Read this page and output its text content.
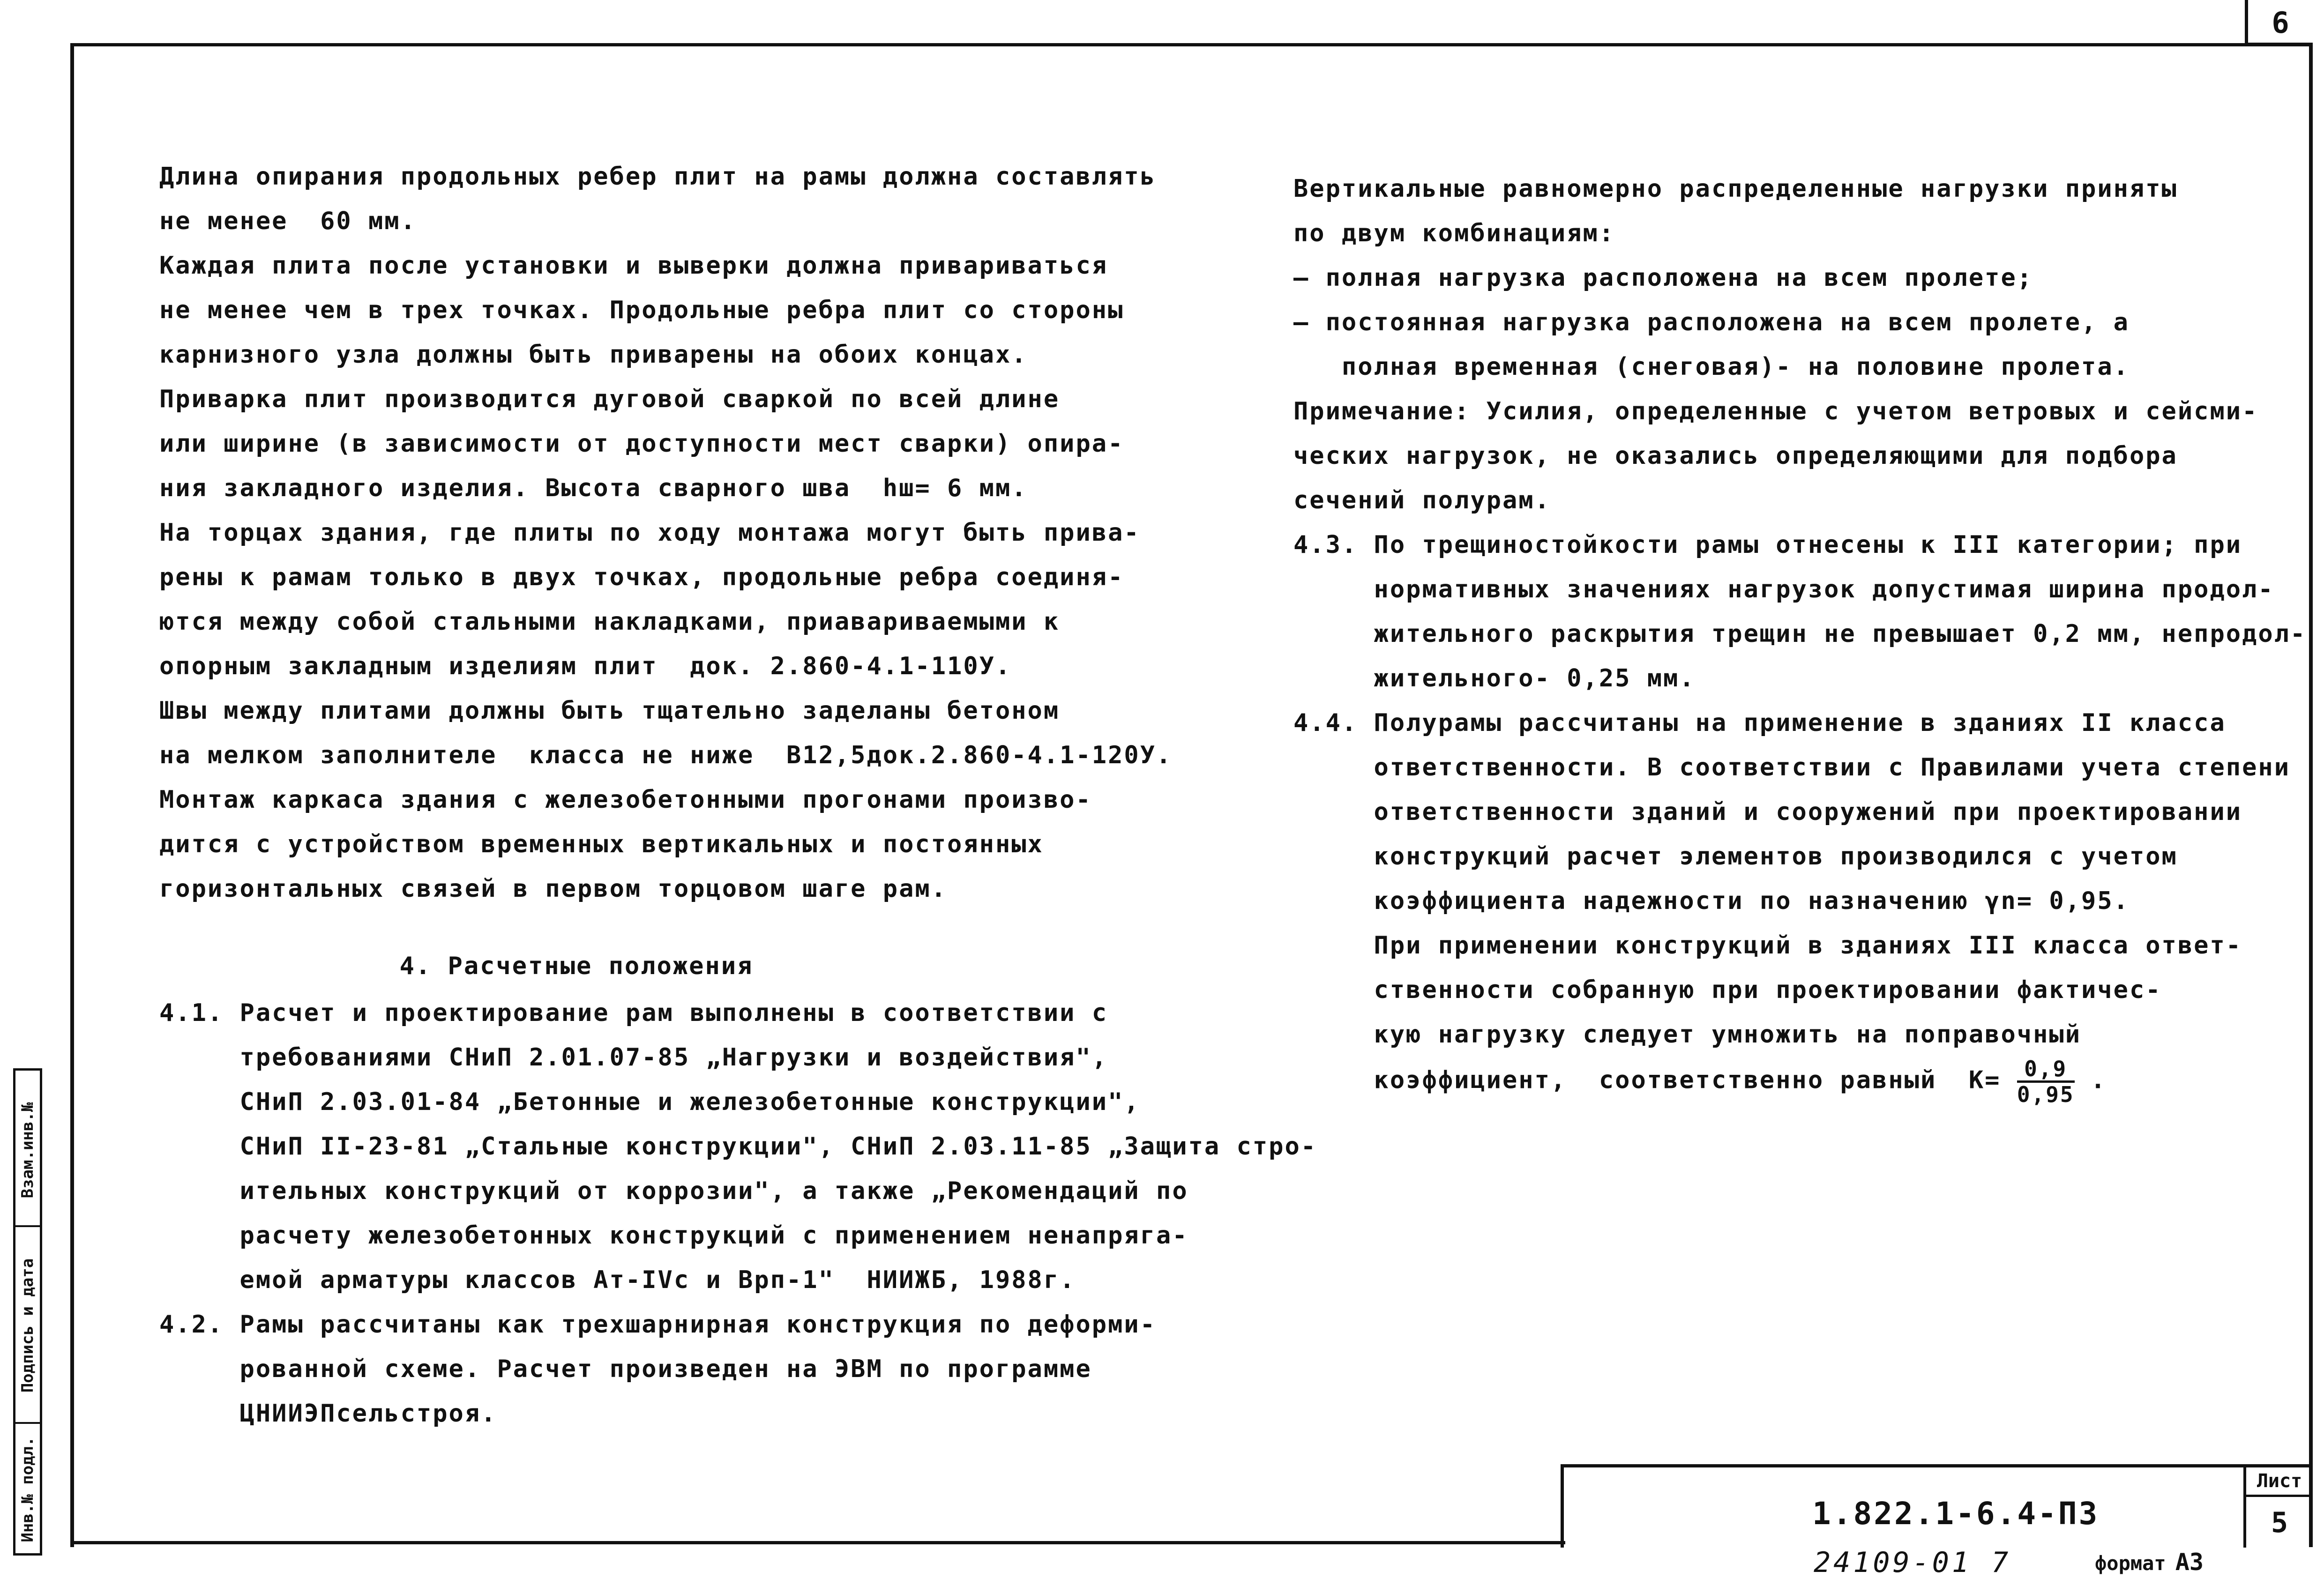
6
Взам.инв.№
Подпись и дата
Инв.№ подл.

Длина опирания продольных ребер плит на рамы должна составлять

не менее  60 мм.

Каждая плита после установки и выверки должна привариваться

не менее чем в трех точках. Продольные ребра плит со стороны

карнизного узла должны быть приварены на обоих концах.

Приварка плит производится дуговой сваркой по всей длине

или ширине (в зависимости от доступности мест сварки) опира-

ния закладного изделия. Высота сварного шва  hш= 6 мм.

На торцах здания, где плиты по ходу монтажа могут быть прива-

рены к рамам только в двух точках, продольные ребра соединя-

ются между собой стальными накладками, приавариваемыми к

опорным закладным изделиям плит  док. 2.860-4.1-110У.

Швы между плитами должны быть тщательно заделаны бетоном

на мелком заполнителе  класса не ниже  В12,5док.2.860-4.1-120У.

Монтаж каркаса здания с железобетонными прогонами произво-

дится с устройством временных вертикальных и постоянных

горизонтальных связей в первом торцовом шаге рам.

4. Расчетные положения

4.1. Расчет и проектирование рам выполнены в соответствии с

требованиями СНиП 2.01.07-85 „Нагрузки и воздействия",

СНиП 2.03.01-84 „Бетонные и железобетонные конструкции",

СНиП II-23-81 „Стальные конструкции", СНиП 2.03.11-85 „Защита стро-

ительных конструкций от коррозии", а также „Рекомендаций по

расчету железобетонных конструкций с применением ненапряга-

емой арматуры классов Ат-IVс и Врп-1"  НИИЖБ, 1988г.

4.2. Рамы рассчитаны как трехшарнирная конструкция по деформи-

рованной схеме. Расчет произведен на ЭВМ по программе

ЦНИИЭПсельстроя.

Вертикальные равномерно распределенные нагрузки приняты

по двум комбинациям:

— полная нагрузка расположена на всем пролете;

— постоянная нагрузка расположена на всем пролете, а

полная временная (снеговая)- на половине пролета.

Примечание: Усилия, определенные с учетом ветровых и сейсми-

ческих нагрузок, не оказались определяющими для подбора

сечений полурам.

4.3. По трещиностойкости рамы отнесены к III категории; при

нормативных значениях нагрузок допустимая ширина продол-

жительного раскрытия трещин не превышает 0,2 мм, непродол-

жительного- 0,25 мм.

4.4. Полурамы рассчитаны на применение в зданиях II класса

ответственности. В соответствии с Правилами учета степени

ответственности зданий и сооружений при проектировании

конструкций расчет элементов производился с учетом

коэффициента надежности по назначению γn= 0,95.

При применении конструкций в зданиях III класса ответ-

ственности собранную при проектировании фактичес-

кую нагрузку следует умножить на поправочный

коэффициент,  соответственно равный  $К= \frac{0,9}{0,95}$ .

1.822.1-6.4-ПЗ
Лист
5
24109-01 7	формат А3
